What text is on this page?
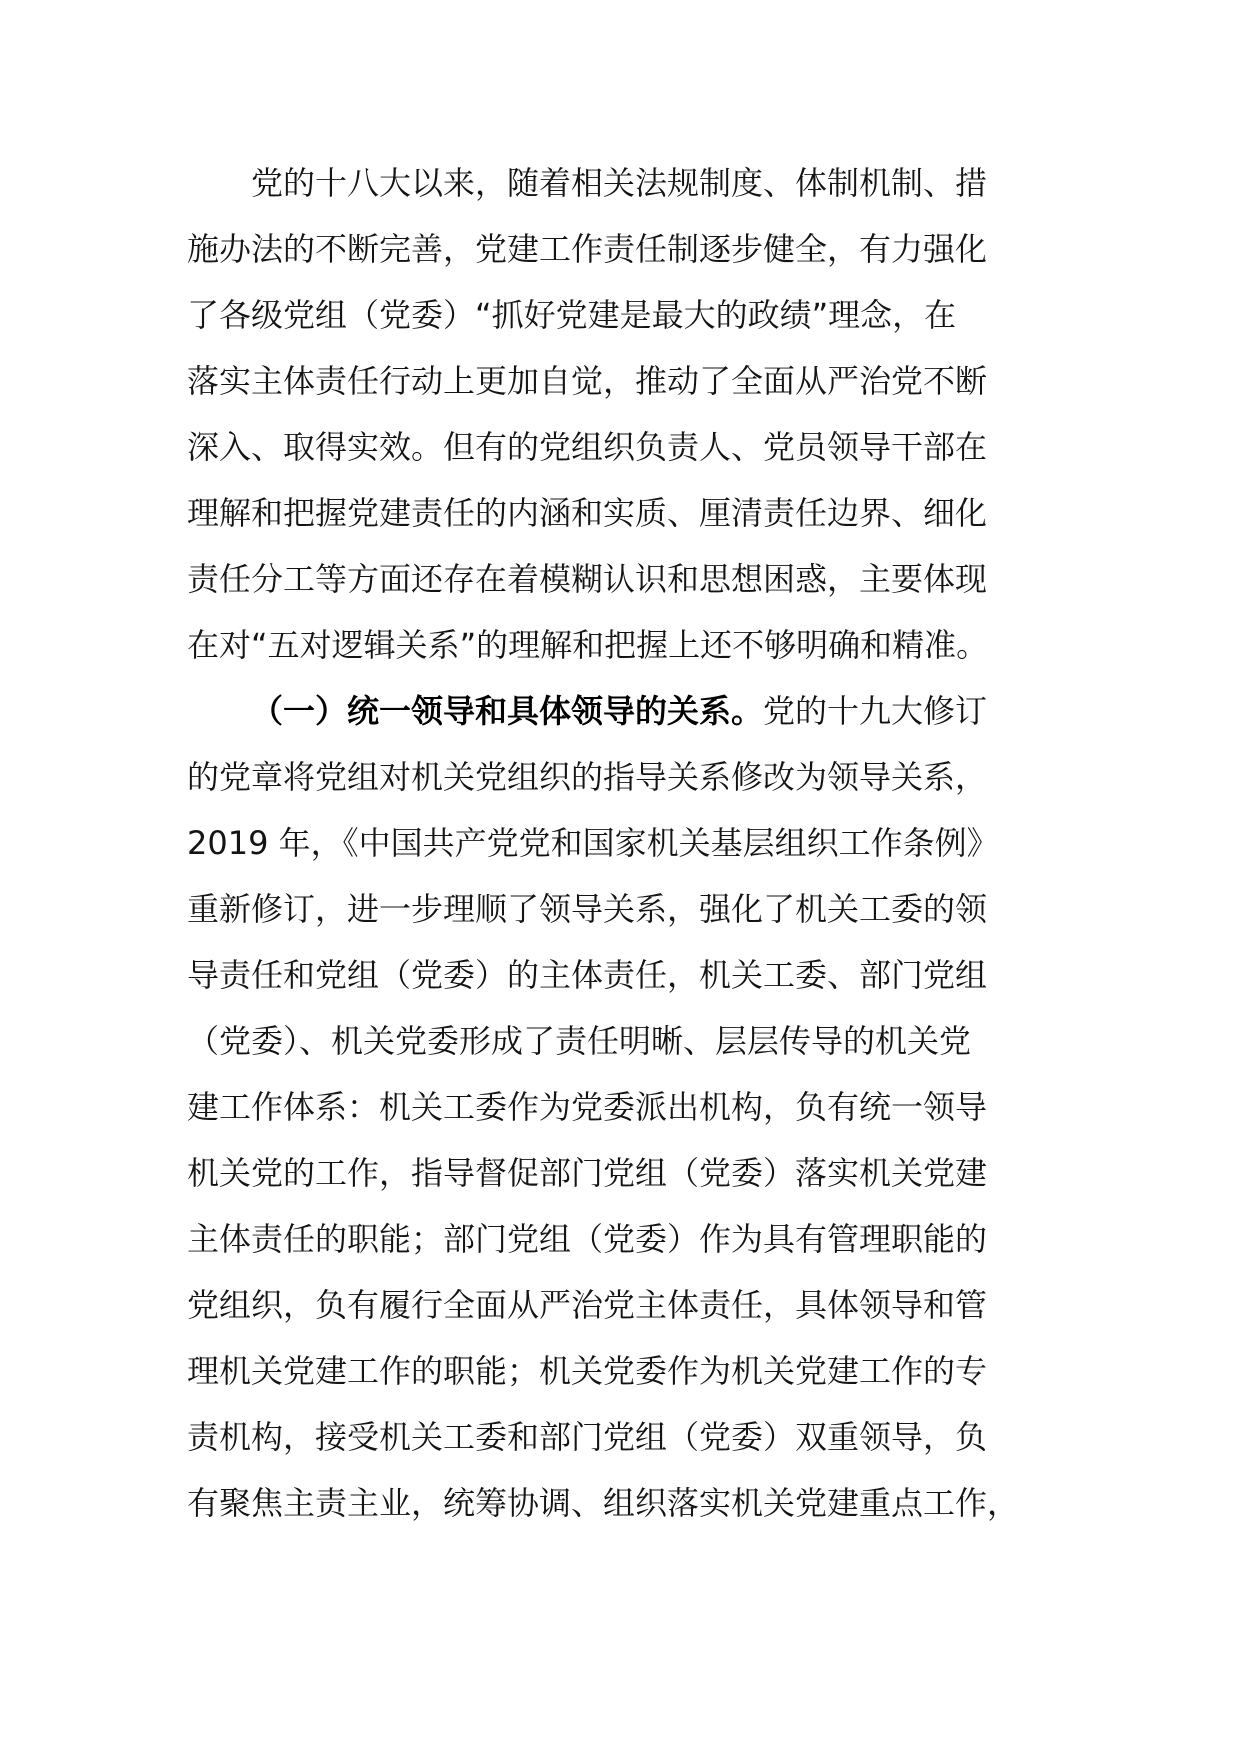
党的十八大以来，随着相关法规制度、体制机制、措
施办法的不断完善，党建工作责任制逐步健全，有力强化
了各级党组（党委）“抓好党建是最大的政绩”理念，在
落实主体责任行动上更加自觉，推动了全面从严治党不断
深入、取得实效。但有的党组织负责人、党员领导干部在
理解和把握党建责任的内涵和实质、厘清责任边界、细化
责任分工等方面还存在着模糊认识和思想困惑，主要体现
在对“五对逻辑关系”的理解和把握上还不够明确和精准。
（一）统一领导和具体领导的关系。党的十九大修订
的党章将党组对机关党组织的指导关系修改为领导关系，
2019 年，《中国共产党党和国家机关基层组织工作条例》
重新修订，进一步理顺了领导关系，强化了机关工委的领
导责任和党组（党委）的主体责任，机关工委、部门党组
（党委）、机关党委形成了责任明晰、层层传导的机关党
建工作体系：机关工委作为党委派出机构，负有统一领导
机关党的工作，指导督促部门党组（党委）落实机关党建
主体责任的职能；部门党组（党委）作为具有管理职能的
党组织，负有履行全面从严治党主体责任，具体领导和管
理机关党建工作的职能；机关党委作为机关党建工作的专
责机构，接受机关工委和部门党组（党委）双重领导，负
有聚焦主责主业，统筹协调、组织落实机关党建重点工作，
